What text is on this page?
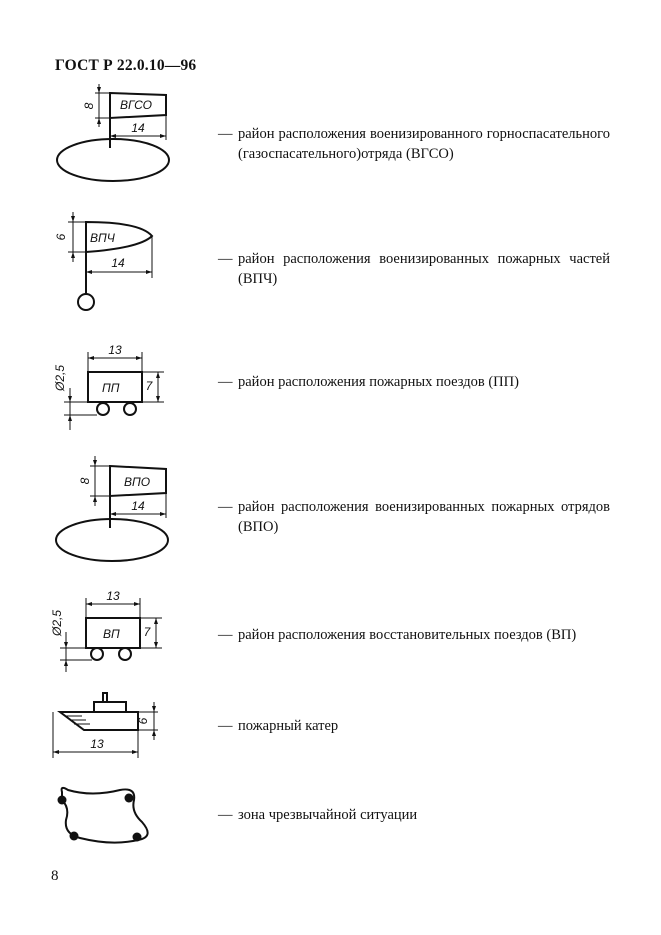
ГОСТ Р 22.0.10—96
ВГСО
8
14
ВПЧ
6
14
ПП
13
Ø2,5	7
ВПО
8
14
ВП
13
Ø2,5	7
6
13
— район расположения военизированного горноспасательного (газоспасательного)отряда (ВГСО)
— район расположения военизированных пожарных частей (ВПЧ)
— район расположения пожарных поездов (ПП)
— район расположения военизированных пожарных отрядов (ВПО)
— район расположения восстановительных поездов (ВП)
— пожарный катер
— зона чрезвычайной ситуации
8
